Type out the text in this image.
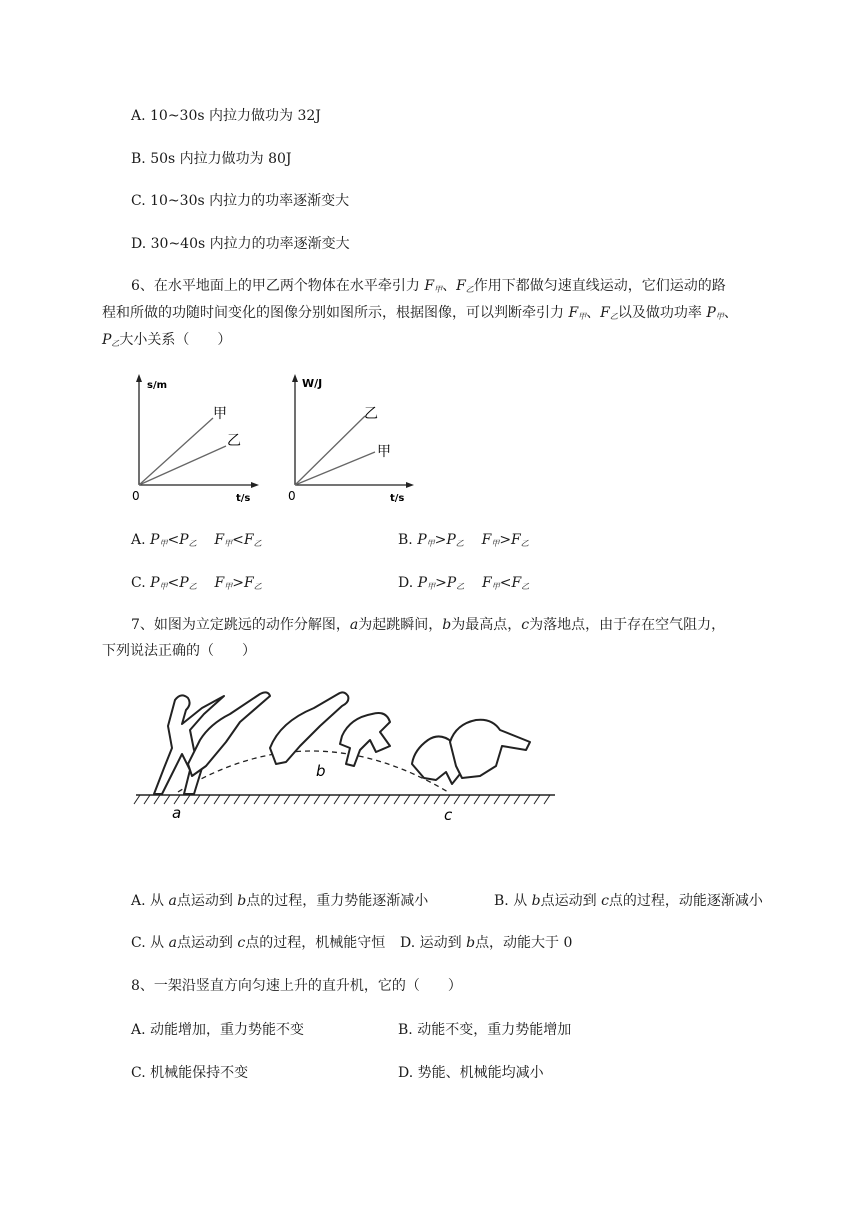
A. 10~30s 内拉力做功为 32J
B. 50s 内拉力做功为 80J
C. 10~30s 内拉力的功率逐渐变大
D. 30~40s 内拉力的功率逐渐变大
6、在水平地面上的甲乙两个物体在水平牵引力 $F_甲$、$F_乙$作用下都做匀速直线运动，它们运动的路
程和所做的功随时间变化的图像分别如图所示，根据图像，可以判断牵引力 $F_甲$、$F_乙$以及做功功率 $P_甲$、
$P_乙$大小关系（　　）
s/m
t/s
0
甲
乙
W/J
t/s
0
乙
甲
A. $P_甲<P_乙$ $F_甲<F_乙$	B. $P_甲>P_乙$ $F_甲>F_乙$
C. $P_甲<P_乙$ $F_甲>F_乙$	D. $P_甲>P_乙$ $F_甲<F_乙$
7、如图为立定跳远的动作分解图，a为起跳瞬间，b为最高点，c为落地点，由于存在空气阻力，
下列说法正确的（　　）
a
b
c
A. 从 a点运动到 b点的过程，重力势能逐渐减小	B. 从 b点运动到 c点的过程，动能逐渐减小
C. 从 a点运动到 c点的过程，机械能守恒 D. 运动到 b点，动能大于 0
8、一架沿竖直方向匀速上升的直升机，它的（　　）
A. 动能增加，重力势能不变	B. 动能不变，重力势能增加
C. 机械能保持不变	D. 势能、机械能均减小
